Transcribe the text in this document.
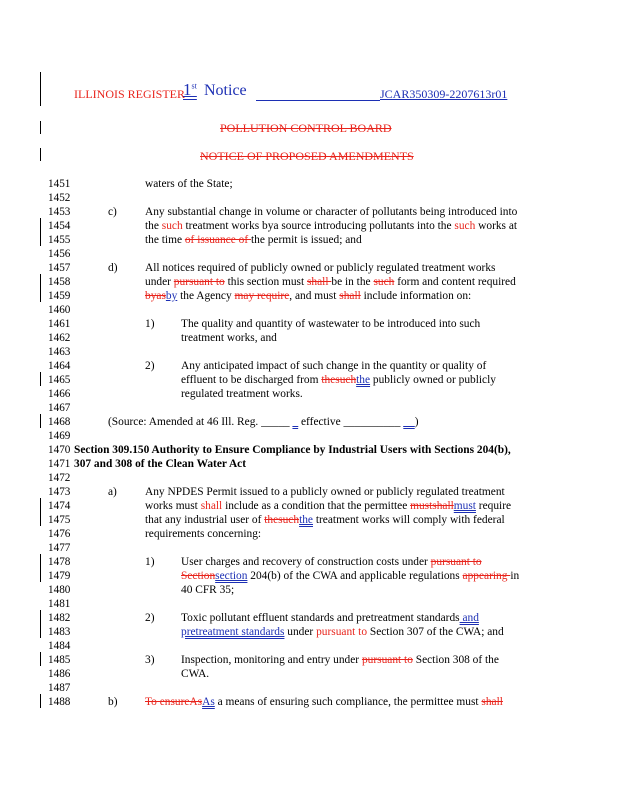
ILLINOIS REGISTER
1st Notice	JCAR350309-2207613r01
POLLUTION CONTROL BOARD
NOTICE OF PROPOSED AMENDMENTS
1451
1452
1453
1454
1455
1456
1457
1458
1459
1460
1461
1462
1463
1464
1465
1466
1467
1468
1469
1470
1471
1472
1473
1474
1475
1476
1477
1478
1479
1480
1481
1482
1483
1484
1485
1486
1487
1488
waters of the State;
c) Any substantial change in volume or character of pollutants being introduced into
the such treatment works bya source introducing pollutants into the such works at
the time of issuance of the permit is issued; and
d) All notices required of publicly owned or publicly regulated treatment works
under pursuant to this section must shall be in the such form and content required
byasby the Agency may require, and must shall include information on:
1) The quality and quantity of wastewater to be introduced into such
treatment works, and
2) Any anticipated impact of such change in the quantity or quality of
effluent to be discharged from thesuchthe publicly owned or publicly
regulated treatment works.
(Source: Amended at 46 Ill. Reg. _____ _ effective __________ __)
Section 309.150 Authority to Ensure Compliance by Industrial Users with Sections 204(b),
307 and 308 of the Clean Water Act
a) Any NPDES Permit issued to a publicly owned or publicly regulated treatment
works must shall include as a condition that the permittee mustshallmust require
that any industrial user of thesuchthe treatment works will comply with federal
requirements concerning:
1) User charges and recovery of construction costs under pursuant to
Sectionsection 204(b) of the CWA and applicable regulations appearing in
40 CFR 35;
2) Toxic pollutant effluent standards and pretreatment standards and
pretreatment standards under pursuant to Section 307 of the CWA; and
3) Inspection, monitoring and entry under pursuant to Section 308 of the
CWA.
b) To ensureAsAs a means of ensuring such compliance, the permittee must shall
